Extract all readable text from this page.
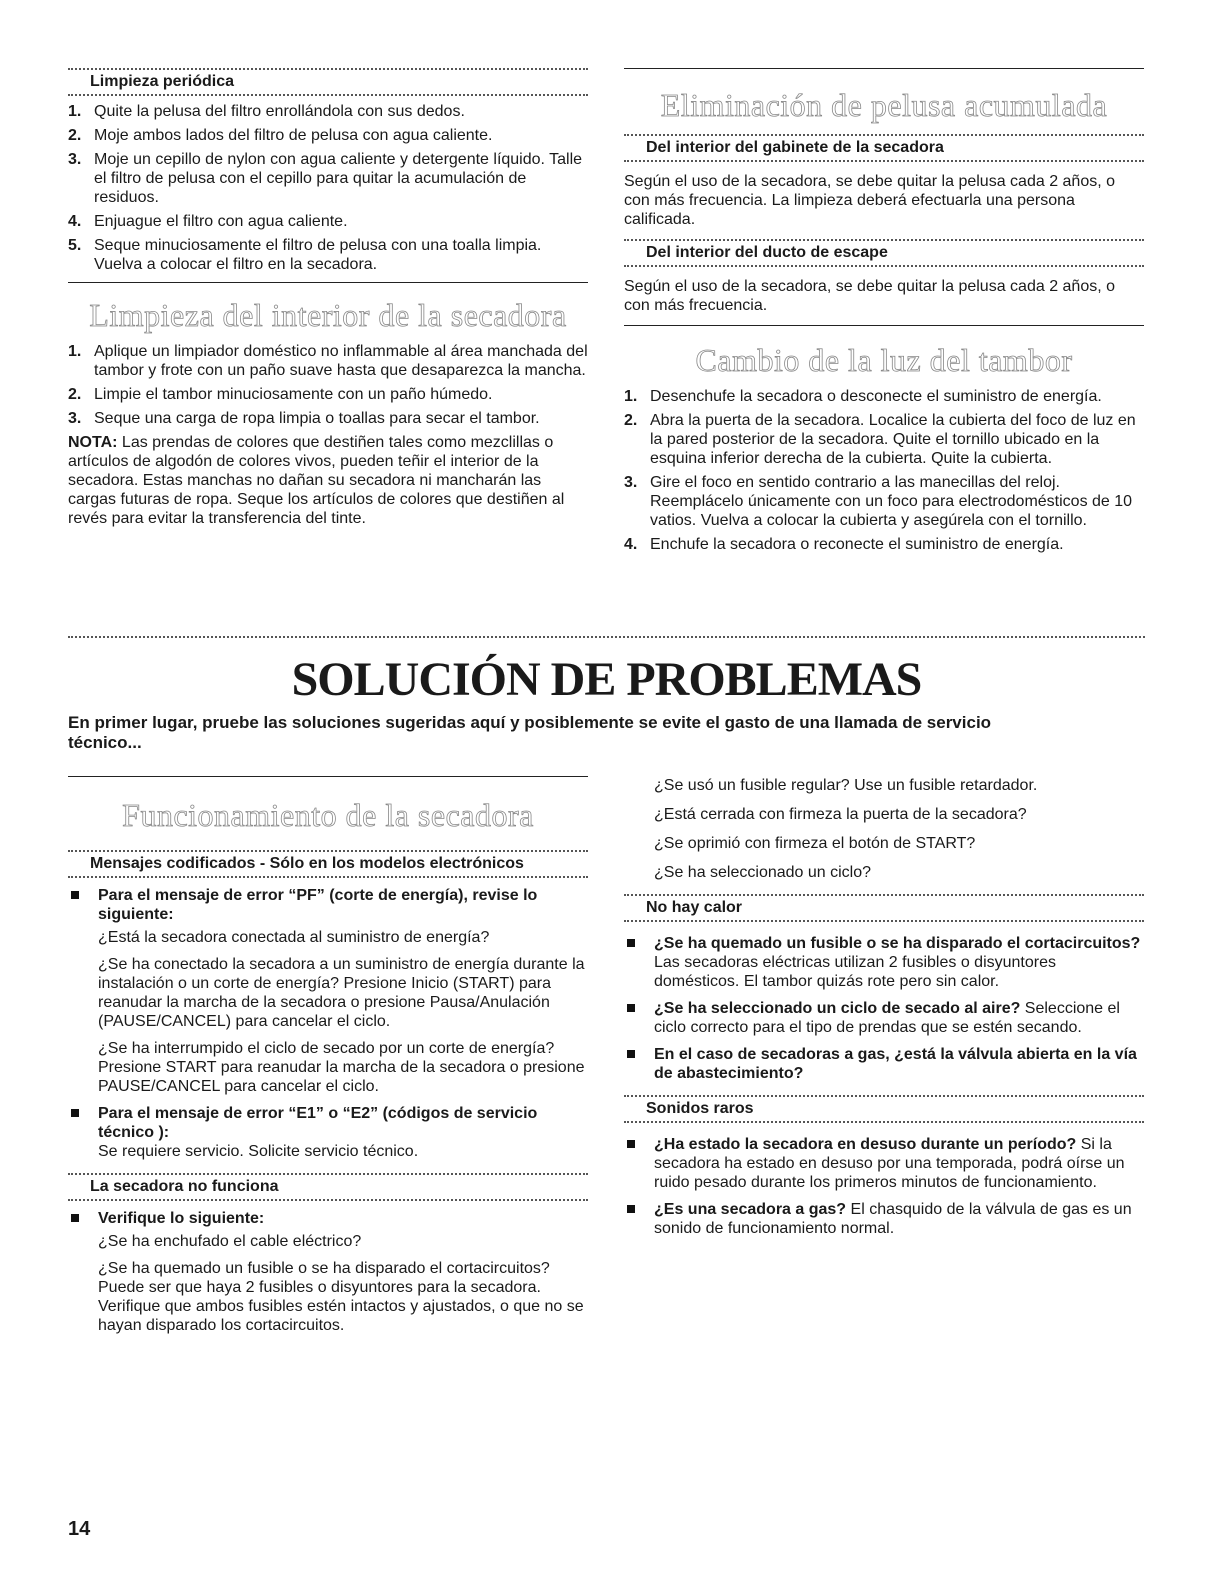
Limpieza periódica
1. Quite la pelusa del filtro enrollándola con sus dedos.
2. Moje ambos lados del filtro de pelusa con agua caliente.
3. Moje un cepillo de nylon con agua caliente y detergente líquido. Talle el filtro de pelusa con el cepillo para quitar la acumulación de residuos.
4. Enjuague el filtro con agua caliente.
5. Seque minuciosamente el filtro de pelusa con una toalla limpia. Vuelva a colocar el filtro en la secadora.
Limpieza del interior de la secadora
1. Aplique un limpiador doméstico no inflammable al área manchada del tambor y frote con un paño suave hasta que desaparezca la mancha.
2. Limpie el tambor minuciosamente con un paño húmedo.
3. Seque una carga de ropa limpia o toallas para secar el tambor.

NOTA: Las prendas de colores que destiñen tales como mezclillas o artículos de algodón de colores vivos, pueden teñir el interior de la secadora. Estas manchas no dañan su secadora ni mancharán las cargas futuras de ropa. Seque los artículos de colores que destiñen al revés para evitar la transferencia del tinte.

Eliminación de pelusa acumulada
Del interior del gabinete de la secadora

Según el uso de la secadora, se debe quitar la pelusa cada 2 años, o con más frecuencia. La limpieza deberá efectuarla una persona calificada.

Del interior del ducto de escape

Según el uso de la secadora, se debe quitar la pelusa cada 2 años, o con más frecuencia.

Cambio de la luz del tambor
1. Desenchufe la secadora o desconecte el suministro de energía.
2. Abra la puerta de la secadora. Localice la cubierta del foco de luz en la pared posterior de la secadora. Quite el tornillo ubicado en la esquina inferior derecha de la cubierta. Quite la cubierta.
3. Gire el foco en sentido contrario a las manecillas del reloj. Reemplácelo únicamente con un foco para electrodomésticos de 10 vatios. Vuelva a colocar la cubierta y asegúrela con el tornillo.
4. Enchufe la secadora o reconecte el suministro de energía.
SOLUCIÓN DE PROBLEMAS
En primer lugar, pruebe las soluciones sugeridas aquí y posiblemente se evite el gasto de una llamada de servicio técnico...
Funcionamiento de la secadora
Mensajes codificados - Sólo en los modelos electrónicos
Para el mensaje de error “PF” (corte de energía), revise lo siguiente:

¿Está la secadora conectada al suministro de energía?

¿Se ha conectado la secadora a un suministro de energía durante la instalación o un corte de energía? Presione Inicio (START) para reanudar la marcha de la secadora o presione Pausa/Anulación (PAUSE/CANCEL) para cancelar el ciclo.

¿Se ha interrumpido el ciclo de secado por un corte de energía? Presione START para reanudar la marcha de la secadora o presione PAUSE/CANCEL para cancelar el ciclo.

Para el mensaje de error “E1” o “E2” (códigos de servicio técnico ):
Se requiere servicio. Solicite servicio técnico.
La secadora no funciona
Verifique lo siguiente:

¿Se ha enchufado el cable eléctrico?

¿Se ha quemado un fusible o se ha disparado el cortacircuitos? Puede ser que haya 2 fusibles o disyuntores para la secadora. Verifique que ambos fusibles estén intactos y ajustados, o que no se hayan disparado los cortacircuitos.

¿Se usó un fusible regular? Use un fusible retardador.

¿Está cerrada con firmeza la puerta de la secadora?

¿Se oprimió con firmeza el botón de START?

¿Se ha seleccionado un ciclo?

No hay calor
¿Se ha quemado un fusible o se ha disparado el cortacircuitos? Las secadoras eléctricas utilizan 2 fusibles o disyuntores domésticos. El tambor quizás rote pero sin calor.
¿Se ha seleccionado un ciclo de secado al aire? Seleccione el ciclo correcto para el tipo de prendas que se estén secando.
En el caso de secadoras a gas, ¿está la válvula abierta en la vía de abastecimiento?
Sonidos raros
¿Ha estado la secadora en desuso durante un período? Si la secadora ha estado en desuso por una temporada, podrá oírse un ruido pesado durante los primeros minutos de funcionamiento.
¿Es una secadora a gas? El chasquido de la válvula de gas es un sonido de funcionamiento normal.
14
